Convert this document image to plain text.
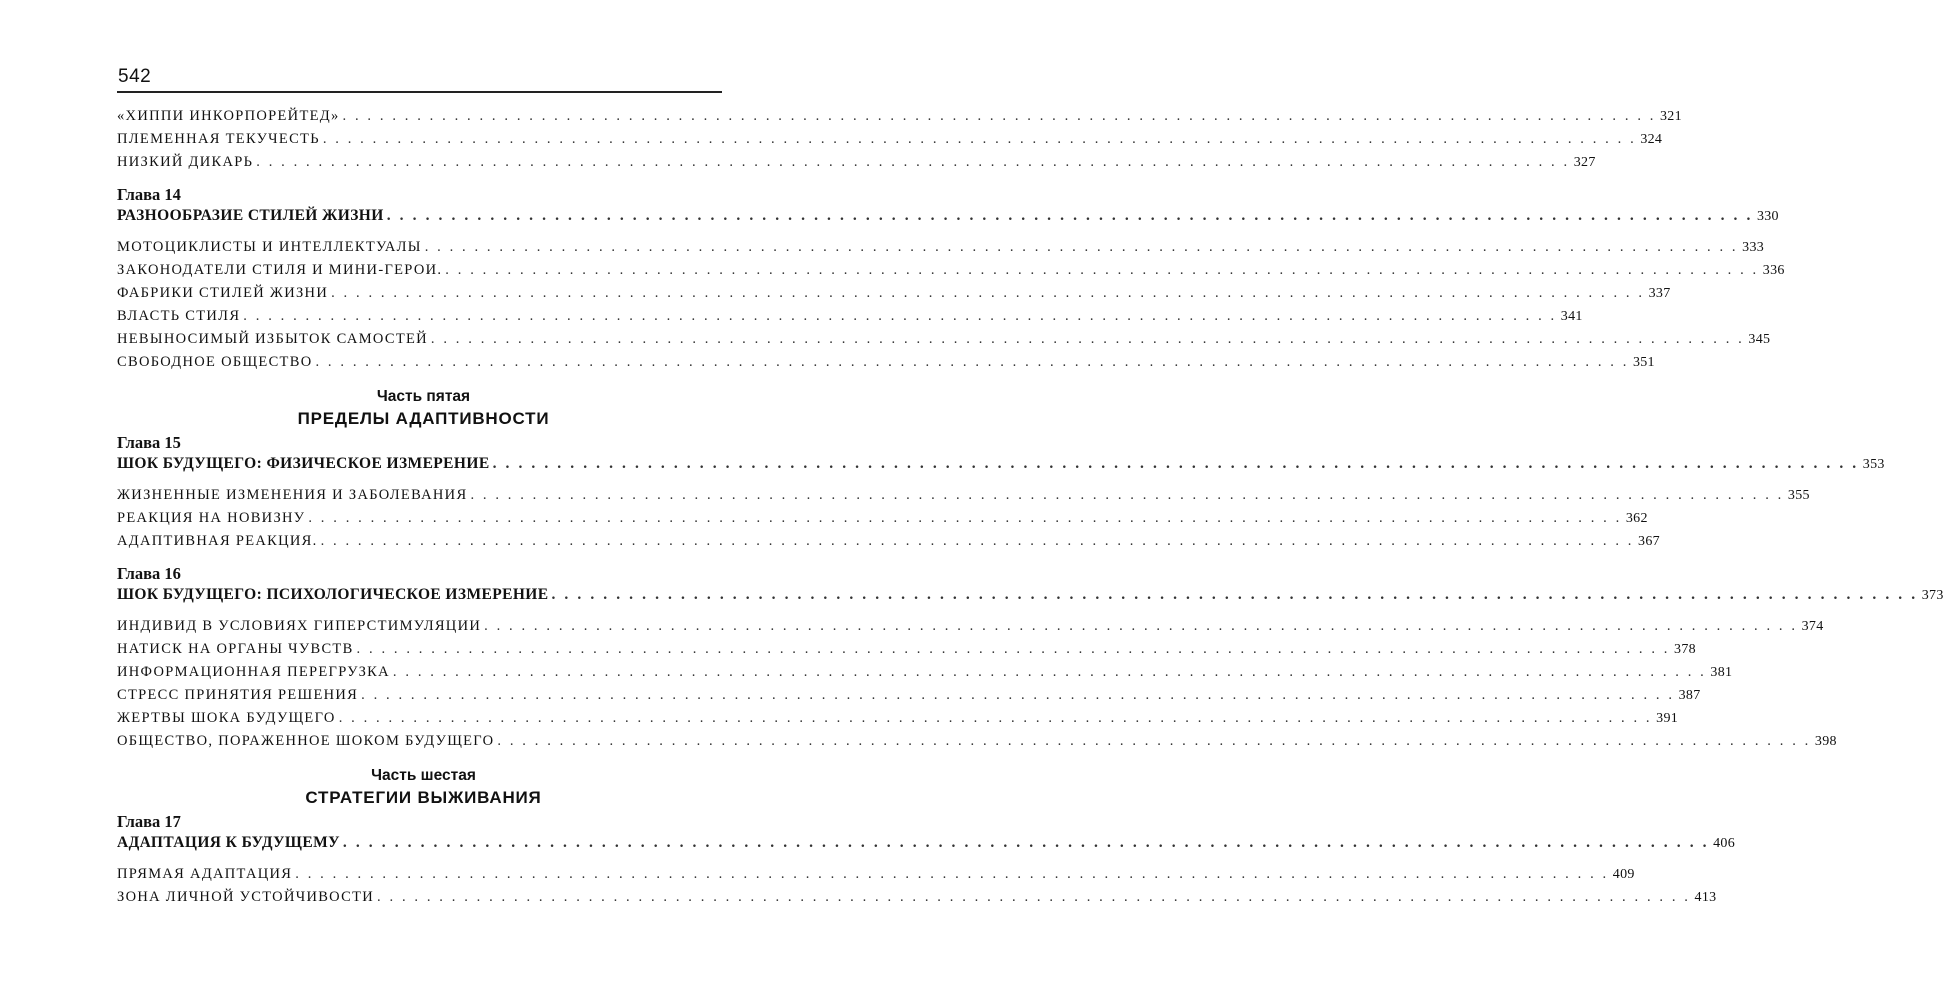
542
«ХИППИ ИНКОРПОРЕЙТЕД» . . .	321
ПЛЕМЕННАЯ ТЕКУЧЕСТЬ . . .	324
НИЗКИЙ ДИКАРЬ . . .	327
Глава 14
РАЗНООБРАЗИЕ СТИЛЕЙ ЖИЗНИ . . .	330
МОТОЦИКЛИСТЫ И ИНТЕЛЛЕКТУАЛЫ . . .	333
ЗАКОНОДАТЕЛИ СТИЛЯ И МИНИ-ГЕРОИ. . . .	336
ФАБРИКИ СТИЛЕЙ ЖИЗНИ . . .	337
ВЛАСТЬ СТИЛЯ . . .	341
НЕВЫНОСИМЫЙ ИЗБЫТОК САМОСТЕЙ . . .	345
СВОБОДНОЕ ОБЩЕСТВО . . .	351
Часть пятая
ПРЕДЕЛЫ АДАПТИВНОСТИ
Глава 15
ШОК БУДУЩЕГО: ФИЗИЧЕСКОЕ ИЗМЕРЕНИЕ . . .	353
ЖИЗНЕННЫЕ ИЗМЕНЕНИЯ И ЗАБОЛЕВАНИЯ . . .	355
РЕАКЦИЯ НА НОВИЗНУ . . .	362
АДАПТИВНАЯ РЕАКЦИЯ. . . .	367
Глава 16
ШОК БУДУЩЕГО: ПСИХОЛОГИЧЕСКОЕ ИЗМЕРЕНИЕ . . .	373
ИНДИВИД В УСЛОВИЯХ ГИПЕРСТИМУЛЯЦИИ . . .	374
НАТИСК НА ОРГАНЫ ЧУВСТВ . . .	378
ИНФОРМАЦИОННАЯ ПЕРЕГРУЗКА . . .	381
СТРЕСС ПРИНЯТИЯ РЕШЕНИЯ . . .	387
ЖЕРТВЫ ШОКА БУДУЩЕГО . . .	391
ОБЩЕСТВО, ПОРАЖЕННОЕ ШОКОМ БУДУЩЕГО . . .	398
Часть шестая
СТРАТЕГИИ ВЫЖИВАНИЯ
Глава 17
АДАПТАЦИЯ К БУДУЩЕМУ . . .	406
ПРЯМАЯ АДАПТАЦИЯ . . .	409
ЗОНА ЛИЧНОЙ УСТОЙЧИВОСТИ . . .	413
